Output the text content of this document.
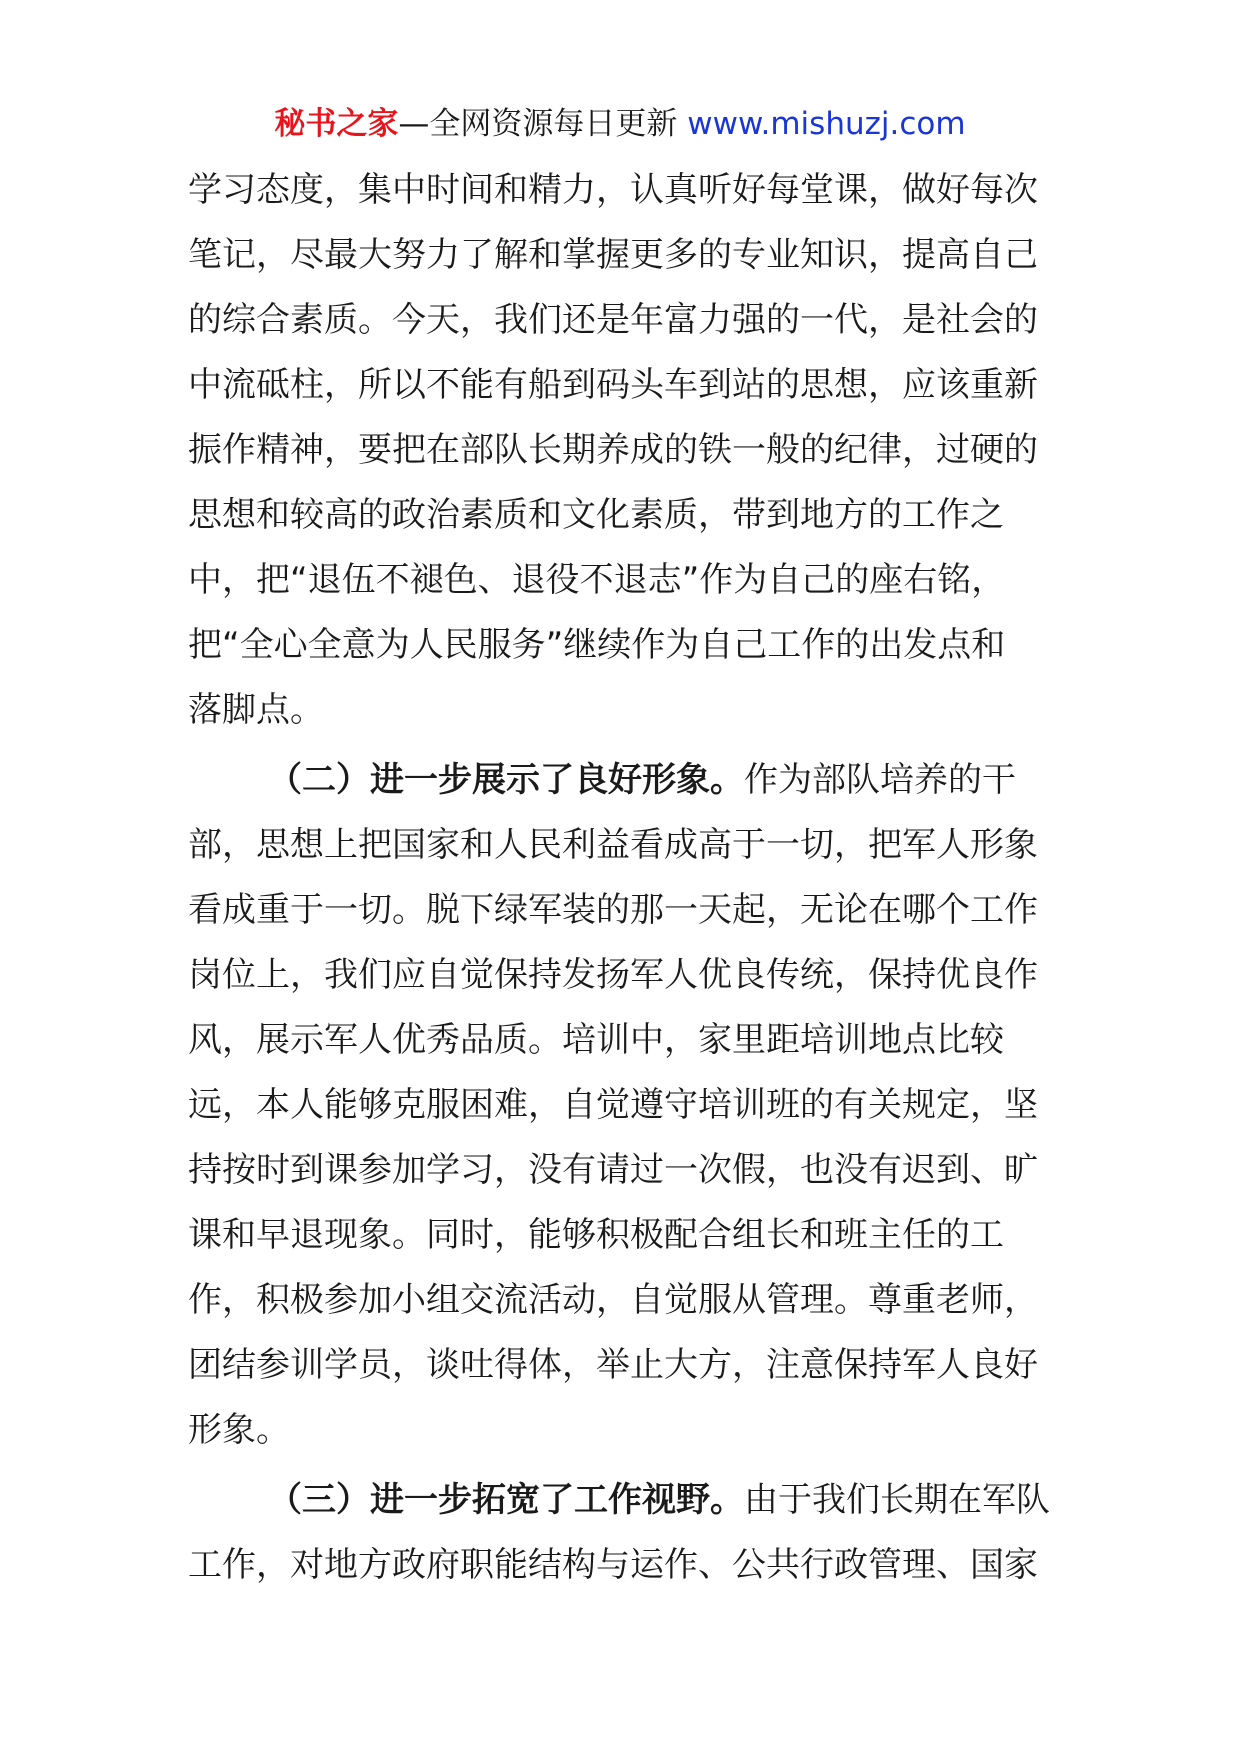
秘书之家—全网资源每日更新 www.mishuzj.com
学习态度，集中时间和精力，认真听好每堂课，做好每次
笔记，尽最大努力了解和掌握更多的专业知识，提高自己
的综合素质。今天，我们还是年富力强的一代，是社会的
中流砥柱，所以不能有船到码头车到站的思想，应该重新
振作精神，要把在部队长期养成的铁一般的纪律，过硬的
思想和较高的政治素质和文化素质，带到地方的工作之
中，把“退伍不褪色、退役不退志”作为自己的座右铭，
把“全心全意为人民服务”继续作为自己工作的出发点和
落脚点。
（二）进一步展示了良好形象。作为部队培养的干
部，思想上把国家和人民利益看成高于一切，把军人形象
看成重于一切。脱下绿军装的那一天起，无论在哪个工作
岗位上，我们应自觉保持发扬军人优良传统，保持优良作
风，展示军人优秀品质。培训中，家里距培训地点比较
远，本人能够克服困难，自觉遵守培训班的有关规定，坚
持按时到课参加学习，没有请过一次假，也没有迟到、旷
课和早退现象。同时，能够积极配合组长和班主任的工
作，积极参加小组交流活动，自觉服从管理。尊重老师，
团结参训学员，谈吐得体，举止大方，注意保持军人良好
形象。
（三）进一步拓宽了工作视野。由于我们长期在军队
工作，对地方政府职能结构与运作、公共行政管理、国家
